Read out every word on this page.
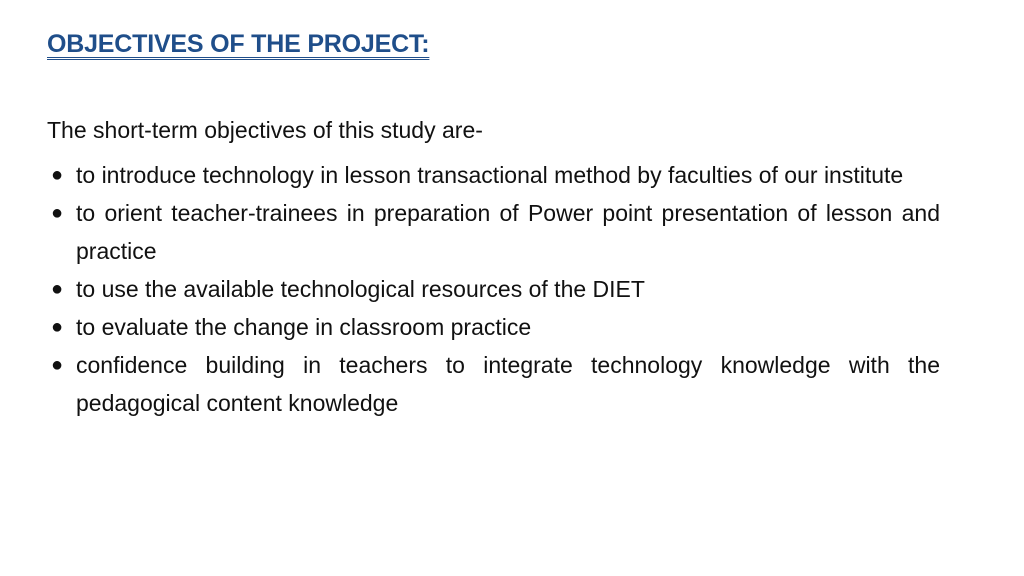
OBJECTIVES OF THE PROJECT:

The short-term objectives of this study are-

● to introduce technology in lesson transactional method by faculties of our institute
● to orient teacher-trainees in preparation of Power point presentation of lesson and practice
● to use the available technological resources of the DIET
● to evaluate the change in classroom practice
● confidence building in teachers to integrate technology knowledge with the pedagogical content knowledge
